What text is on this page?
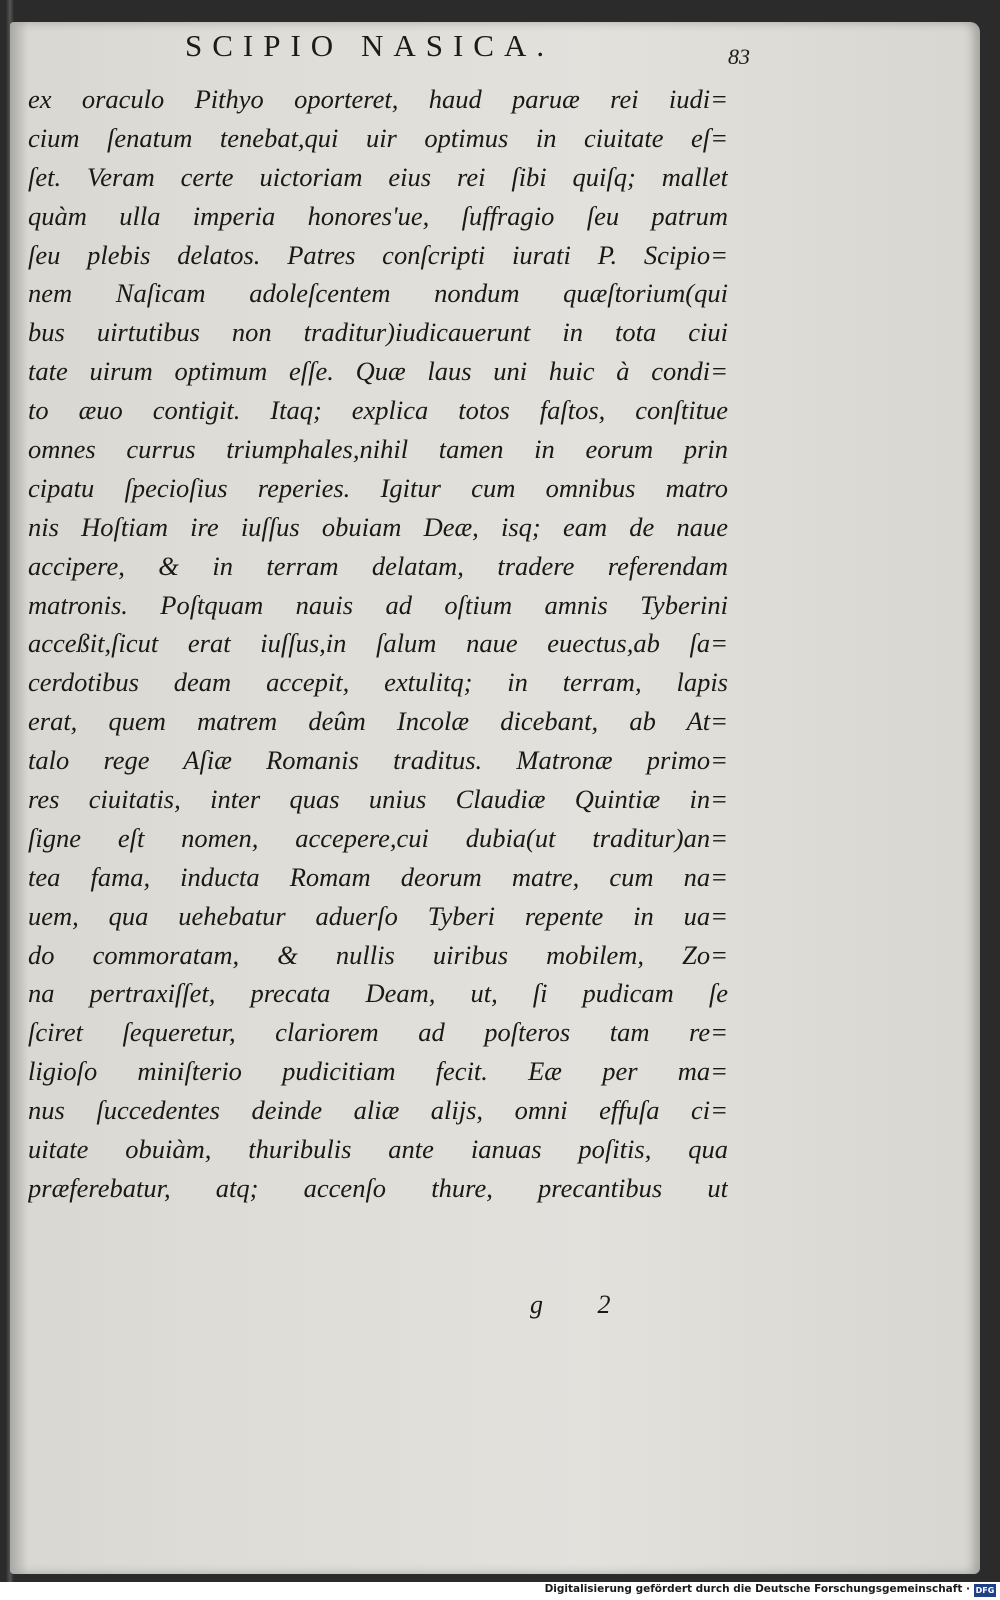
SCIPIO NASICA.	83
ex oraculo Pithyo oporteret, haud paruæ rei iudi=
cium ſenatum tenebat,qui uir optimus in ciuitate eſ=
ſet. Veram certe uictoriam eius rei ſibi quiſq; mallet
quàm ulla imperia honores'ue, ſuffragio ſeu patrum
ſeu plebis delatos. Patres conſcripti iurati P. Scipio=
nem Naſicam adoleſcentem nondum quæſtorium(qui
bus uirtutibus non traditur)iudicauerunt in tota ciui
tate uirum optimum eſſe. Quæ laus uni huic à condi=
to æuo contigit. Itaq; explica totos faſtos, conſtitue
omnes currus triumphales,nihil tamen in eorum prin
cipatu ſpecioſius reperies. Igitur cum omnibus matro
nis Hoſtiam ire iuſſus obuiam Deæ, isq; eam de naue
accipere, & in terram delatam, tradere referendam
matronis. Poſtquam nauis ad oſtium amnis Tyberini
acceßit,ſicut erat iuſſus,in ſalum naue euectus,ab ſa=
cerdotibus deam accepit, extulitq; in terram, lapis
erat, quem matrem deûm Incolæ dicebant, ab At=
talo rege Aſiæ Romanis traditus. Matronæ primo=
res ciuitatis, inter quas unius Claudiæ Quintiæ in=
ſigne eſt nomen, accepere,cui dubia(ut traditur)an=
tea fama, inducta Romam deorum matre, cum na=
uem, qua uehebatur aduerſo Tyberi repente in ua=
do commoratam, & nullis uiribus mobilem, Zo=
na pertraxiſſet, precata Deam, ut, ſi pudicam ſe
ſciret ſequeretur, clariorem ad poſteros tam re=
ligioſo miniſterio pudicitiam fecit. Eæ per ma=
nus ſuccedentes deinde aliæ alijs, omni effuſa ci=
uitate obuiàm, thuribulis ante ianuas poſitis, qua
præferebatur, atq; accenſo thure, precantibus ut
g 2
Digitalisierung gefördert durch die Deutsche Forschungsgemeinschaft · DFG
